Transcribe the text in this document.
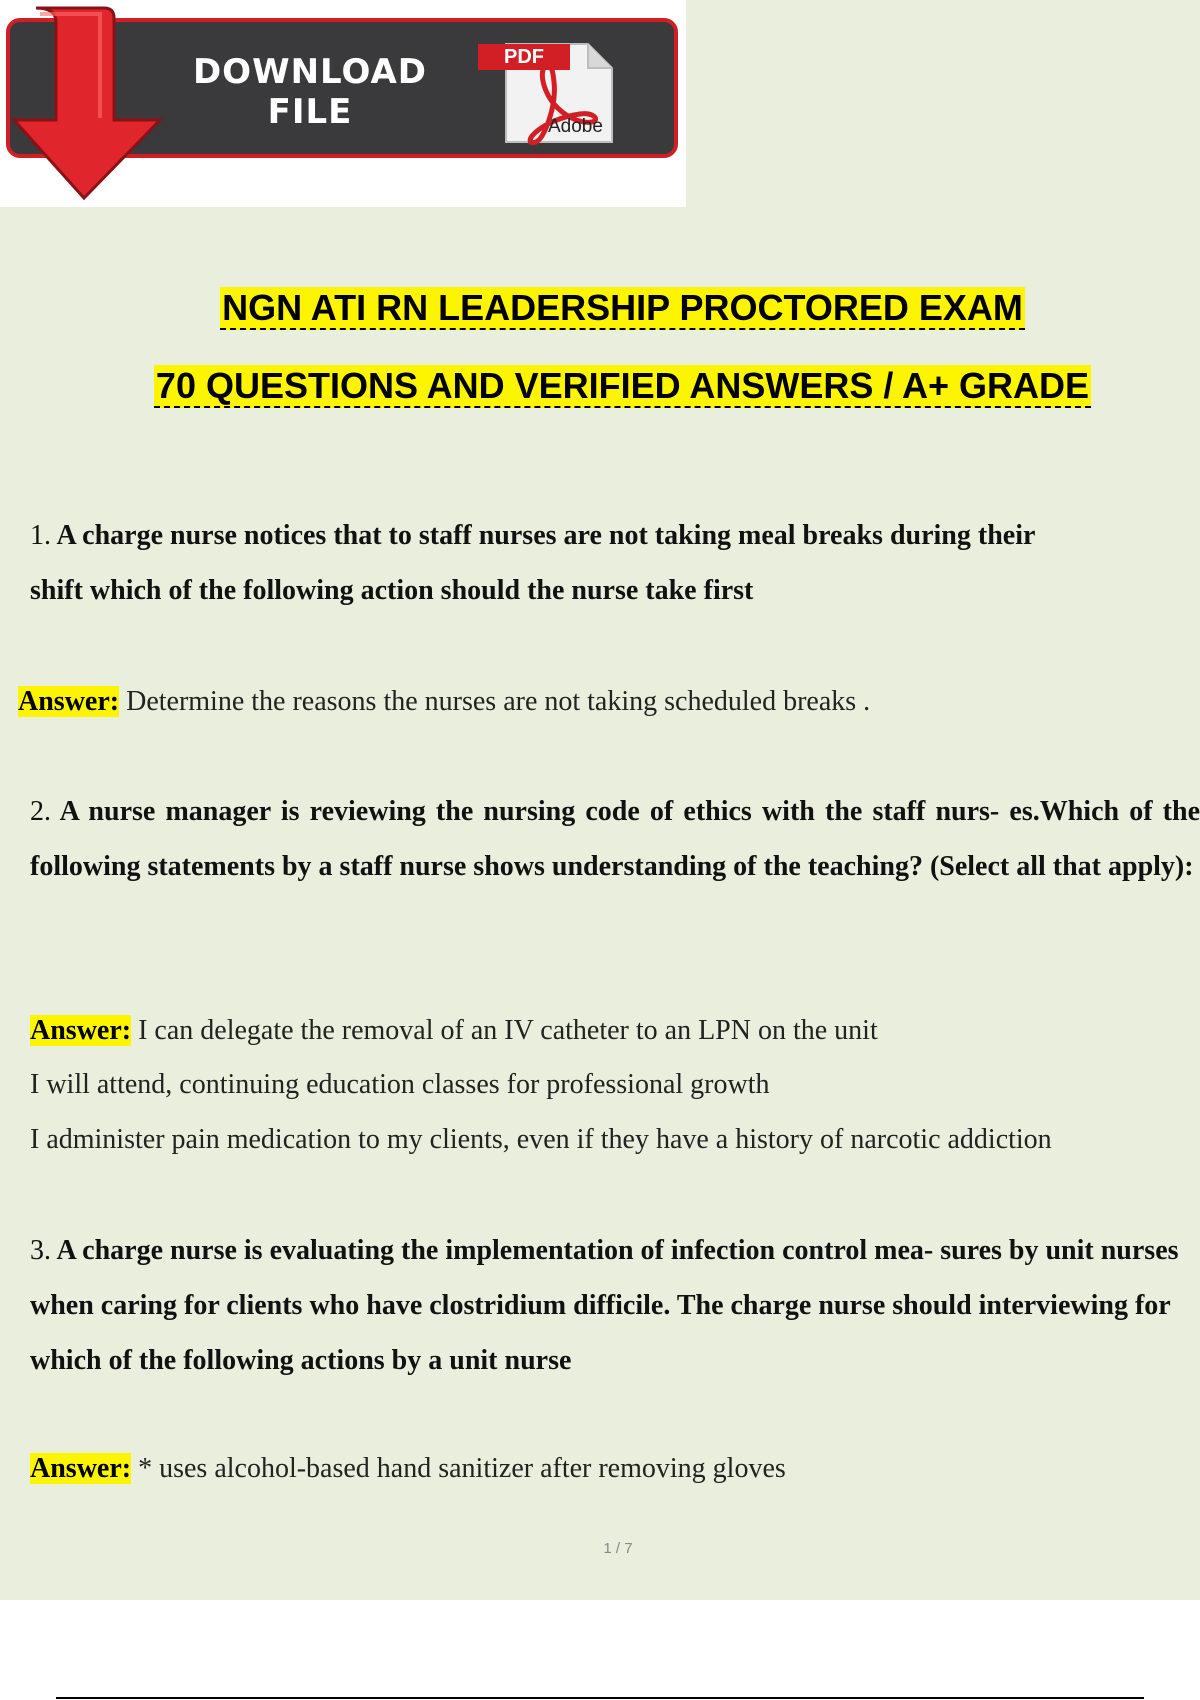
DOWNLOAD
FILE
PDF
Adobe
NGN ATI RN LEADERSHIP PROCTORED EXAM
70 QUESTIONS AND VERIFIED ANSWERS / A+ GRADE
1. A charge nurse notices that to staff nurses are not taking meal breaks during their shift which of the following action should the nurse take first
Answer: Determine the reasons the nurses are not taking scheduled breaks .
2. A nurse manager is reviewing the nursing code of ethics with the staff nurs- es.Which of the following statements by a staff nurse shows understanding of the teaching? (Select all that apply):
Answer: I can delegate the removal of an IV catheter to an LPN on the unit
I will attend, continuing education classes for professional growth
I administer pain medication to my clients, even if they have a history of narcotic addiction
3. A charge nurse is evaluating the implementation of infection control mea- sures by unit nurses when caring for clients who have clostridium difficile. The charge nurse should interviewing for which of the following actions by a unit nurse
Answer: * uses alcohol-based hand sanitizer after removing gloves
1 / 7
